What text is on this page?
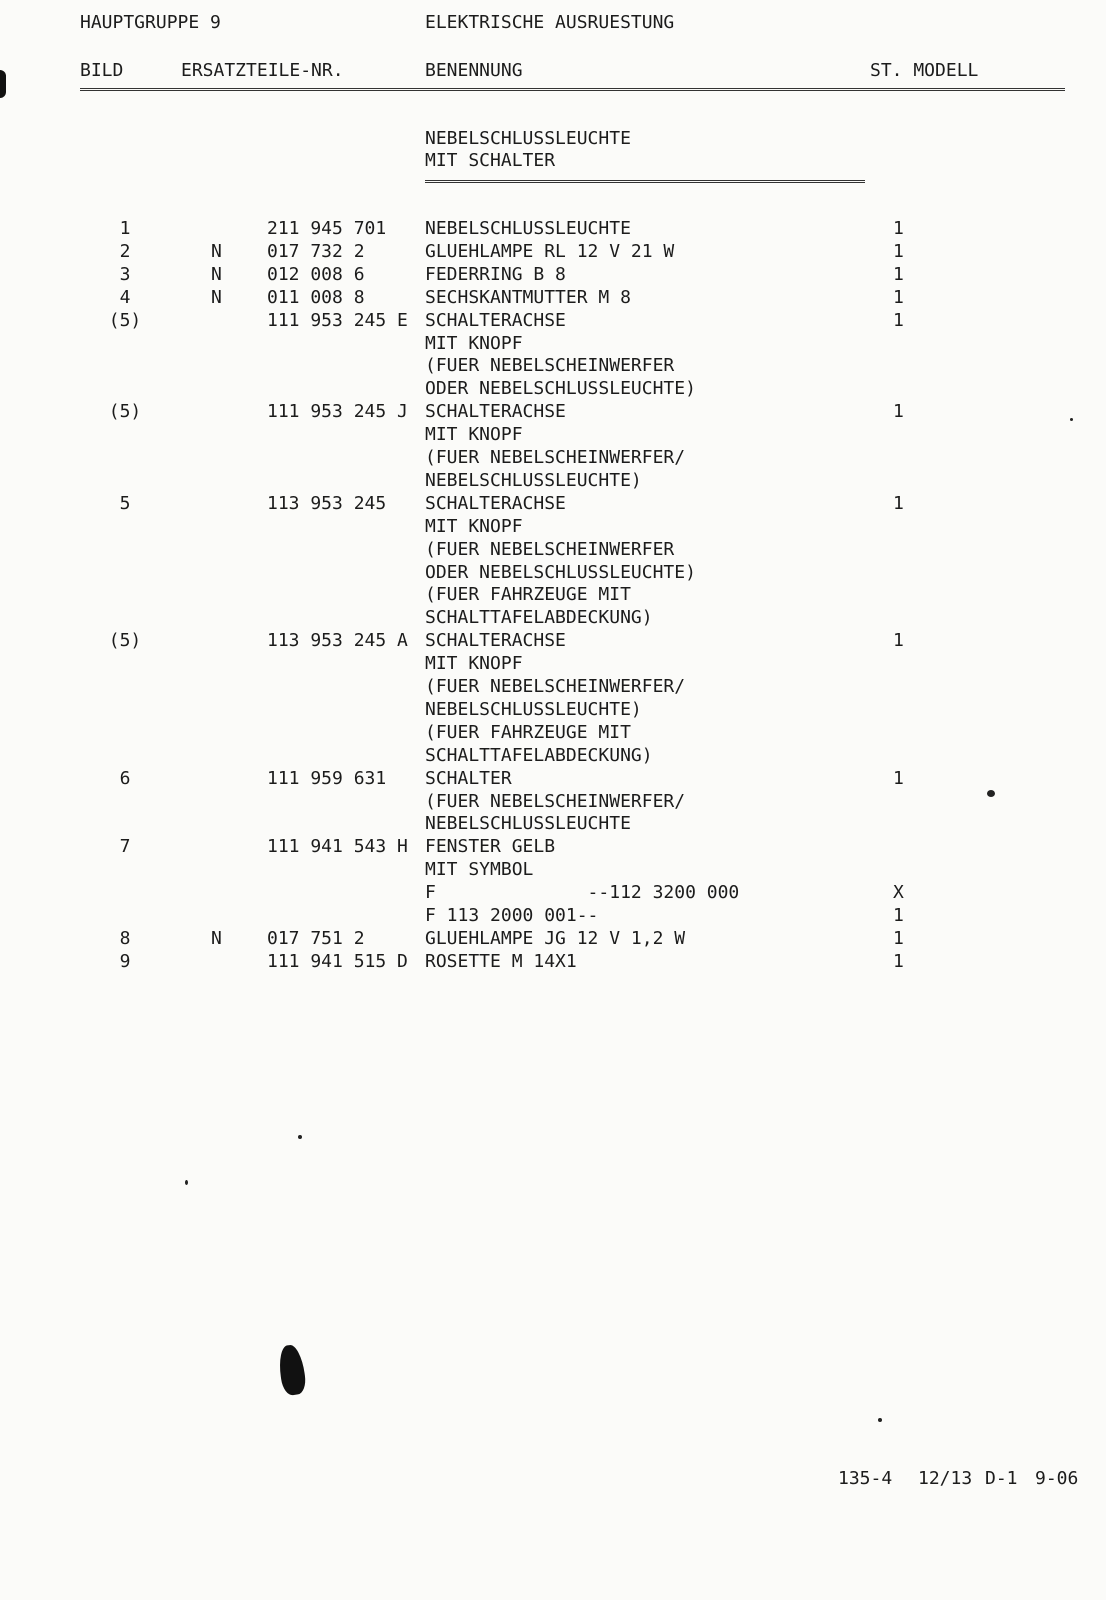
HAUPTGRUPPE 9	ELEKTRISCHE AUSRUESTUNG
BILD	ERSATZTEILE-NR.	BENENNUNG	ST. MODELL
NEBELSCHLUSSLEUCHTE
MIT SCHALTER
1	211 945 701 NEBELSCHLUSSLEUCHTE	1
2	N	017 732 2	GLUEHLAMPE RL 12 V 21 W	1
3	N	012 008 6	FEDERRING B 8	1
4	N	011 008 8	SECHSKANTMUTTER M 8	1
(5)	111 953 245 E SCHALTERACHSE	1
MIT KNOPF
(FUER NEBELSCHEINWERFER
ODER NEBELSCHLUSSLEUCHTE)
(5)	111 953 245 J SCHALTERACHSE	1
MIT KNOPF
(FUER NEBELSCHEINWERFER/
NEBELSCHLUSSLEUCHTE)
5	113 953 245 SCHALTERACHSE	1
MIT KNOPF
(FUER NEBELSCHEINWERFER
ODER NEBELSCHLUSSLEUCHTE)
(FUER FAHRZEUGE MIT
SCHALTTAFELABDECKUNG)
(5)	113 953 245 A SCHALTERACHSE	1
MIT KNOPF
(FUER NEBELSCHEINWERFER/
NEBELSCHLUSSLEUCHTE)
(FUER FAHRZEUGE MIT
SCHALTTAFELABDECKUNG)
6	111 959 631 SCHALTER	1
(FUER NEBELSCHEINWERFER/
NEBELSCHLUSSLEUCHTE
7	111 941 543 H FENSTER GELB
MIT SYMBOL
F              --112 3200 000	X
F 113 2000 001--	1
8	N	017 751 2	GLUEHLAMPE JG 12 V 1,2 W	1
9	111 941 515 D ROSETTE M 14X1	1
135-4 12/13 D-1 9-06
